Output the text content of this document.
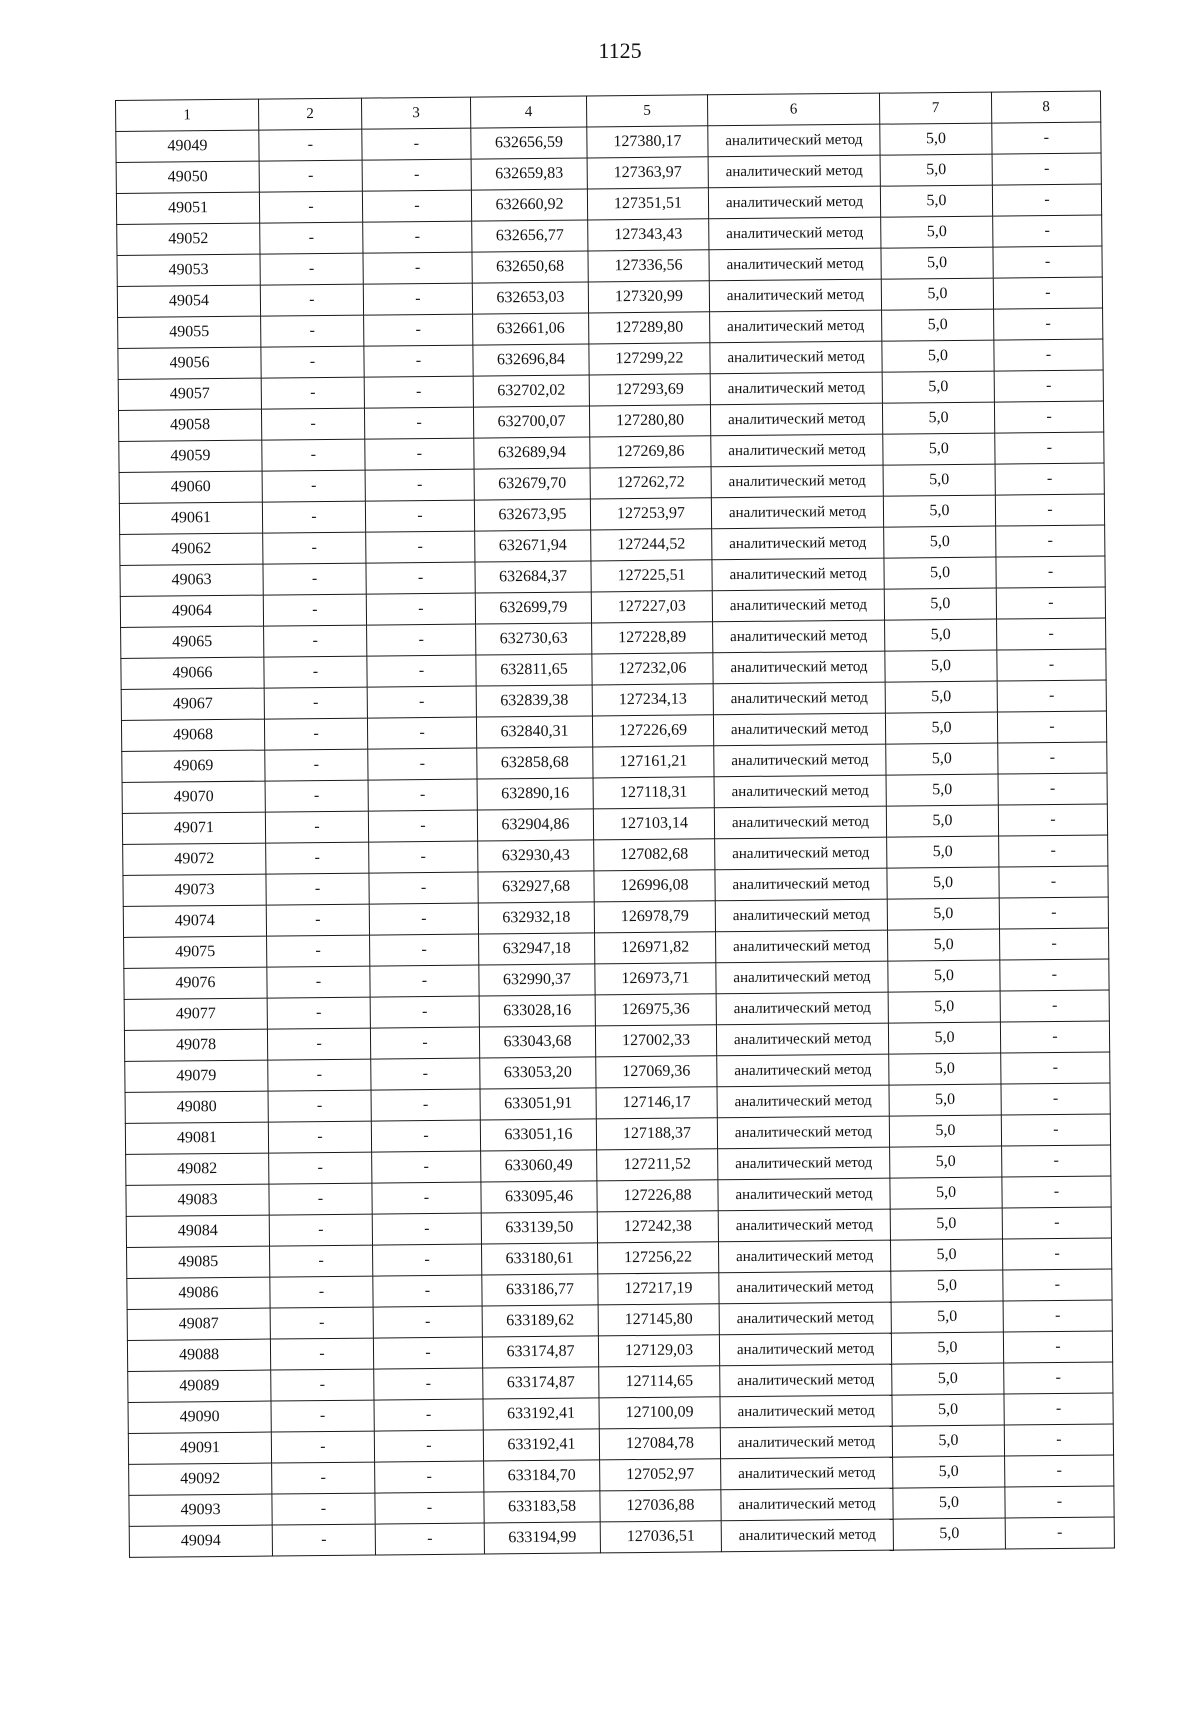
1125
1	2	3	4	5	6	7	8
49049	-	-	632656,59	127380,17	аналитический метод	5,0	-
49050	-	-	632659,83	127363,97	аналитический метод	5,0	-
49051	-	-	632660,92	127351,51	аналитический метод	5,0	-
49052	-	-	632656,77	127343,43	аналитический метод	5,0	-
49053	-	-	632650,68	127336,56	аналитический метод	5,0	-
49054	-	-	632653,03	127320,99	аналитический метод	5,0	-
49055	-	-	632661,06	127289,80	аналитический метод	5,0	-
49056	-	-	632696,84	127299,22	аналитический метод	5,0	-
49057	-	-	632702,02	127293,69	аналитический метод	5,0	-
49058	-	-	632700,07	127280,80	аналитический метод	5,0	-
49059	-	-	632689,94	127269,86	аналитический метод	5,0	-
49060	-	-	632679,70	127262,72	аналитический метод	5,0	-
49061	-	-	632673,95	127253,97	аналитический метод	5,0	-
49062	-	-	632671,94	127244,52	аналитический метод	5,0	-
49063	-	-	632684,37	127225,51	аналитический метод	5,0	-
49064	-	-	632699,79	127227,03	аналитический метод	5,0	-
49065	-	-	632730,63	127228,89	аналитический метод	5,0	-
49066	-	-	632811,65	127232,06	аналитический метод	5,0	-
49067	-	-	632839,38	127234,13	аналитический метод	5,0	-
49068	-	-	632840,31	127226,69	аналитический метод	5,0	-
49069	-	-	632858,68	127161,21	аналитический метод	5,0	-
49070	-	-	632890,16	127118,31	аналитический метод	5,0	-
49071	-	-	632904,86	127103,14	аналитический метод	5,0	-
49072	-	-	632930,43	127082,68	аналитический метод	5,0	-
49073	-	-	632927,68	126996,08	аналитический метод	5,0	-
49074	-	-	632932,18	126978,79	аналитический метод	5,0	-
49075	-	-	632947,18	126971,82	аналитический метод	5,0	-
49076	-	-	632990,37	126973,71	аналитический метод	5,0	-
49077	-	-	633028,16	126975,36	аналитический метод	5,0	-
49078	-	-	633043,68	127002,33	аналитический метод	5,0	-
49079	-	-	633053,20	127069,36	аналитический метод	5,0	-
49080	-	-	633051,91	127146,17	аналитический метод	5,0	-
49081	-	-	633051,16	127188,37	аналитический метод	5,0	-
49082	-	-	633060,49	127211,52	аналитический метод	5,0	-
49083	-	-	633095,46	127226,88	аналитический метод	5,0	-
49084	-	-	633139,50	127242,38	аналитический метод	5,0	-
49085	-	-	633180,61	127256,22	аналитический метод	5,0	-
49086	-	-	633186,77	127217,19	аналитический метод	5,0	-
49087	-	-	633189,62	127145,80	аналитический метод	5,0	-
49088	-	-	633174,87	127129,03	аналитический метод	5,0	-
49089	-	-	633174,87	127114,65	аналитический метод	5,0	-
49090	-	-	633192,41	127100,09	аналитический метод	5,0	-
49091	-	-	633192,41	127084,78	аналитический метод	5,0	-
49092	-	-	633184,70	127052,97	аналитический метод	5,0	-
49093	-	-	633183,58	127036,88	аналитический метод	5,0	-
49094	-	-	633194,99	127036,51	аналитический метод	5,0	-
